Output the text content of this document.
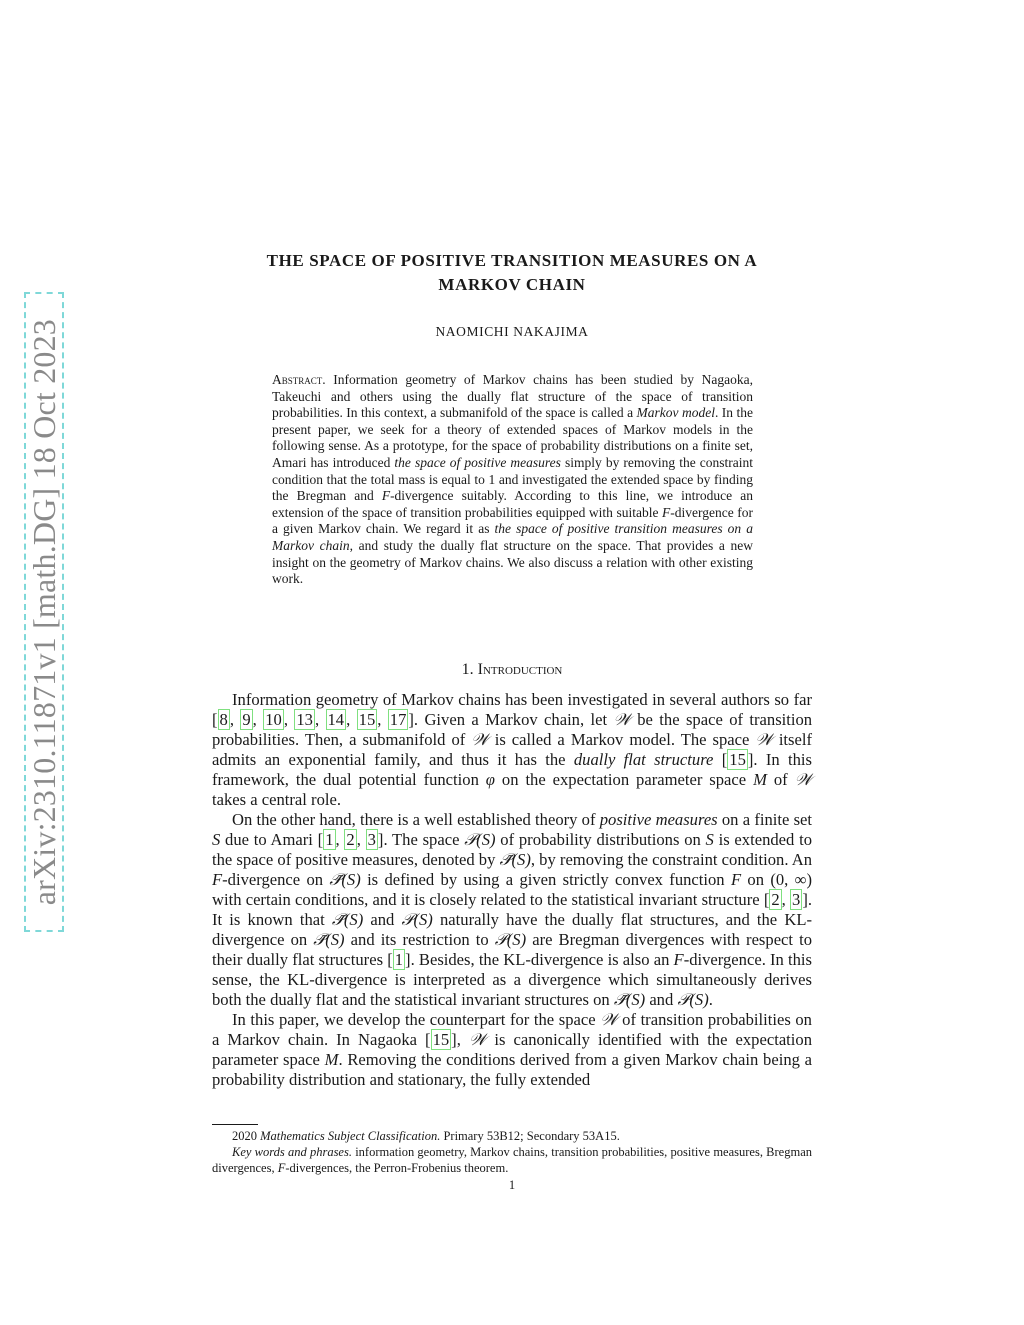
arXiv:2310.11871v1 [math.DG] 18 Oct 2023
THE SPACE OF POSITIVE TRANSITION MEASURES ON A
MARKOV CHAIN
NAOMICHI NAKAJIMA
Abstract. Information geometry of Markov chains has been studied by Nagaoka, Takeuchi and others using the dually flat structure of the space of transition probabilities. In this context, a submanifold of the space is called a Markov model. In the present paper, we seek for a theory of extended spaces of Markov models in the following sense. As a prototype, for the space of probability distributions on a finite set, Amari has introduced the space of positive measures simply by removing the constraint condition that the total mass is equal to 1 and investigated the extended space by finding the Bregman and F-divergence suitably. According to this line, we introduce an extension of the space of transition probabilities equipped with suitable F-divergence for a given Markov chain. We regard it as the space of positive transition measures on a Markov chain, and study the dually flat structure on the space. That provides a new insight on the geometry of Markov chains. We also discuss a relation with other existing work.
1. Introduction

Information geometry of Markov chains has been investigated in several authors so far [ 8 , 9 , 10 , 13 , 14 , 15 , 17 ]. Given a Markov chain, let 𝒲 be the space of transition probabilities. Then, a submanifold of 𝒲 is called a Markov model. The space 𝒲 itself admits an exponential family, and thus it has the dually flat structure [ 15 ]. In this framework, the dual potential function φ on the expectation parameter space M of 𝒲 takes a central role.

On the other hand, there is a well established theory of positive measures on a finite set S due to Amari [ 1 , 2 , 3 ]. The space 𝒫(S) of probability distributions on S is extended to the space of positive measures, denoted by 𝒫̄(S), by removing the constraint condition. An F-divergence on 𝒫̄(S) is defined by using a given strictly convex function F on (0, ∞) with certain conditions, and it is closely related to the statistical invariant structure [ 2 , 3 ]. It is known that 𝒫̄(S) and 𝒫(S) naturally have the dually flat structures, and the KL-divergence on 𝒫̄(S) and its restriction to 𝒫(S) are Bregman divergences with respect to their dually flat structures [ 1 ]. Besides, the KL-divergence is also an F-divergence. In this sense, the KL-divergence is interpreted as a divergence which simultaneously derives both the dually flat and the statistical invariant structures on 𝒫̄(S) and 𝒫(S).

In this paper, we develop the counterpart for the space 𝒲 of transition probabilities on a Markov chain. In Nagaoka [ 15 ], 𝒲 is canonically identified with the expectation parameter space M. Removing the conditions derived from a given Markov chain being a probability distribution and stationary, the fully extended

2020 Mathematics Subject Classification. Primary 53B12; Secondary 53A15.

Key words and phrases. information geometry, Markov chains, transition probabilities, positive measures, Bregman divergences, F-divergences, the Perron-Frobenius theorem.

1
